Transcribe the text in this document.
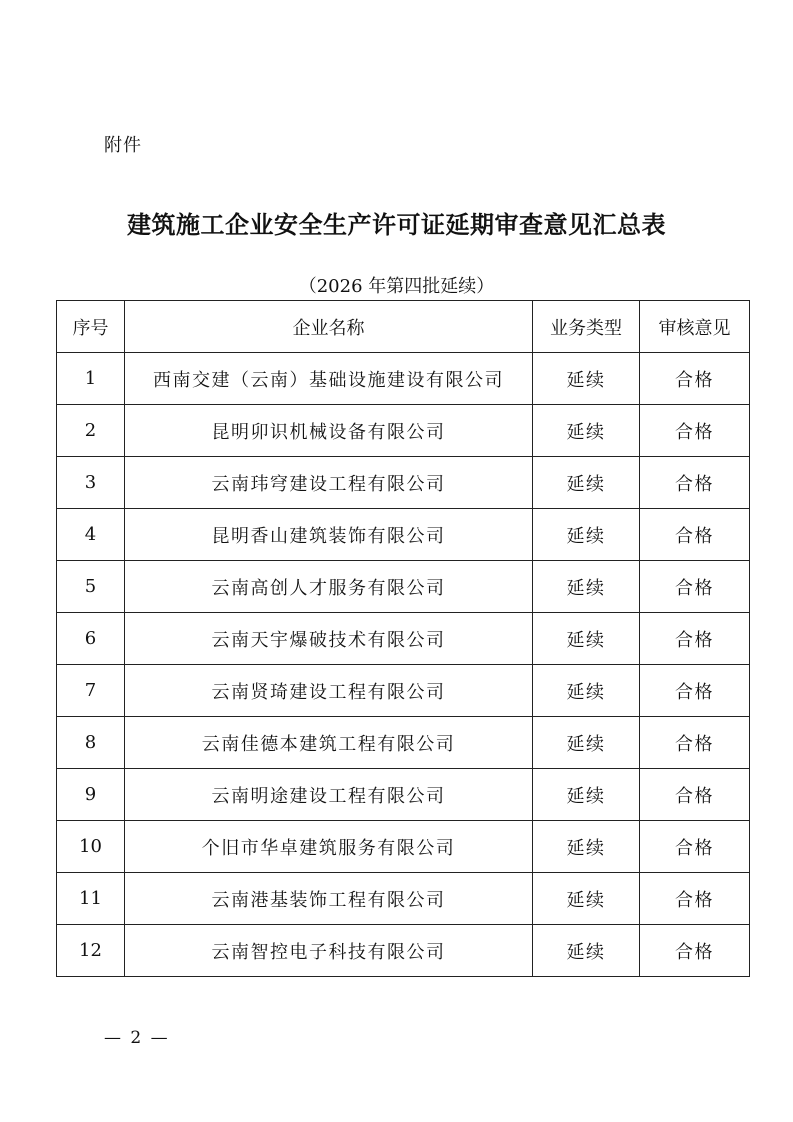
附件
建筑施工企业安全生产许可证延期审查意见汇总表
（2026 年第四批延续）
序号	企业名称	业务类型	审核意见
1	西南交建（云南）基础设施建设有限公司	延续	合格
2	昆明卯识机械设备有限公司	延续	合格
3	云南玮穹建设工程有限公司	延续	合格
4	昆明香山建筑装饰有限公司	延续	合格
5	云南高创人才服务有限公司	延续	合格
6	云南天宇爆破技术有限公司	延续	合格
7	云南贤琦建设工程有限公司	延续	合格
8	云南佳德本建筑工程有限公司	延续	合格
9	云南明途建设工程有限公司	延续	合格
10	个旧市华卓建筑服务有限公司	延续	合格
11	云南港基装饰工程有限公司	延续	合格
12	云南智控电子科技有限公司	延续	合格
— 2 —
